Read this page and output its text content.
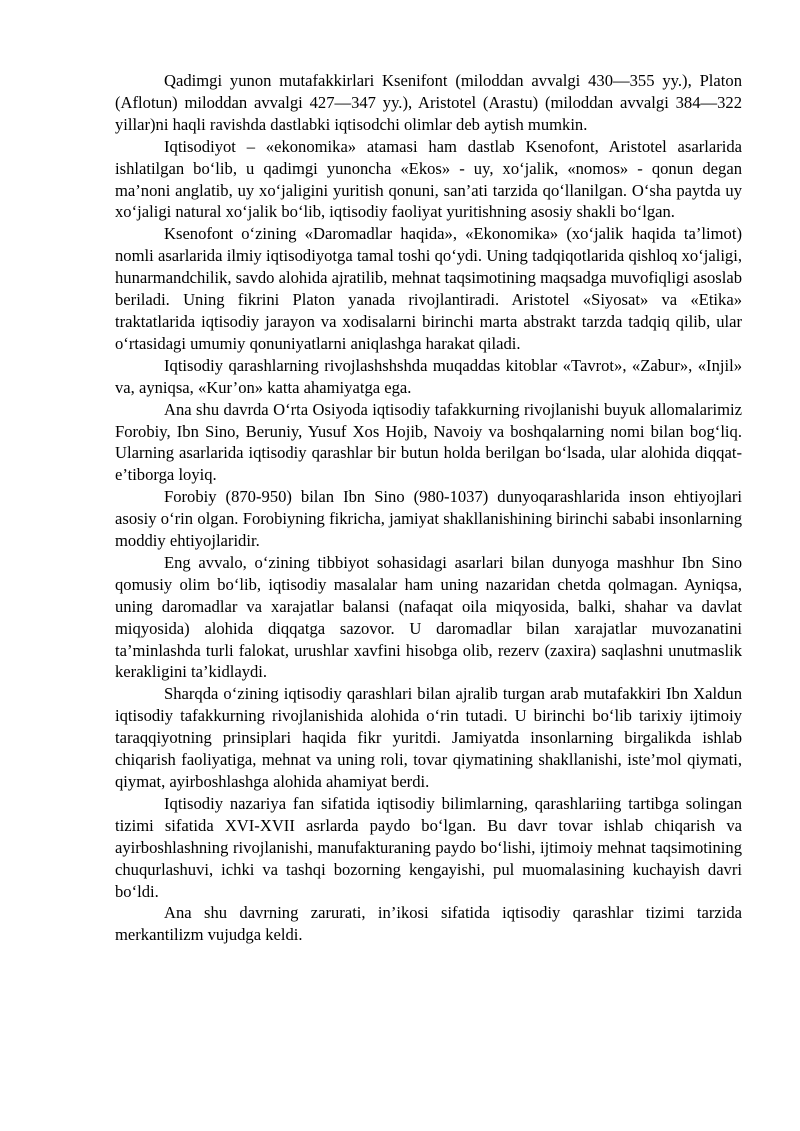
Qadimgi yunon mutafakkirlari Ksenifont (miloddan avvalgi 430—355 yy.), Platon (Aflotun) miloddan avvalgi 427—347 yy.), Aristotel (Arastu) (miloddan avvalgi 384—322 yillar)ni haqli ravishda dastlabki iqtisodchi olimlar deb aytish mumkin.

Iqtisodiyot – «ekonomika» atamasi ham dastlab Ksenofont, Aristotel asarlarida ishlatilgan bo‘lib, u qadimgi yunoncha «Ekos» - uy, xo‘jalik, «nomos» - qonun degan ma’noni anglatib, uy xo‘jaligini yuritish qonuni, san’ati tarzida qo‘llanilgan. O‘sha paytda uy xo‘jaligi natural xo‘jalik bo‘lib, iqtisodiy faoliyat yuritishning asosiy shakli bo‘lgan.

Ksenofont o‘zining «Daromadlar haqida», «Ekonomika» (xo‘jalik haqida ta’limot) nomli asarlarida ilmiy iqtisodiyotga tamal toshi qo‘ydi. Uning tadqiqotlarida qishloq xo‘jaligi, hunarmandchilik, savdo alohida ajratilib, mehnat taqsimotining maqsadga muvofiqligi asoslab beriladi. Uning fikrini Platon yanada rivojlantiradi. Aristotel «Siyosat» va «Etika» traktatlarida iqtisodiy jarayon va xodisalarni birinchi marta abstrakt tarzda tadqiq qilib, ular o‘rtasidagi umumiy qonuniyatlarni aniqlashga harakat qiladi.

Iqtisodiy qarashlarning rivojlashshshda muqaddas kitoblar «Tavrot», «Zabur», «Injil» va, ayniqsa, «Kur’on» katta ahamiyatga ega.

Ana shu davrda O‘rta Osiyoda iqtisodiy tafakkurning rivojlanishi buyuk allomalarimiz Forobiy, Ibn Sino, Beruniy, Yusuf Xos Hojib, Navoiy va boshqalarning nomi bilan bog‘liq. Ularning asarlarida iqtisodiy qarashlar bir butun holda berilgan bo‘lsada, ular alohida diqqat-e’tiborga loyiq.

Forobiy (870-950) bilan Ibn Sino (980-1037) dunyoqarashlarida inson ehtiyojlari asosiy o‘rin olgan. Forobiyning fikricha, jamiyat shakllanishining birinchi sababi insonlarning moddiy ehtiyojlaridir.

Eng avvalo, o‘zining tibbiyot sohasidagi asarlari bilan dunyoga mashhur Ibn Sino qomusiy olim bo‘lib, iqtisodiy masalalar ham uning nazaridan chetda qolmagan. Ayniqsa, uning daromadlar va xarajatlar balansi (nafaqat oila miqyosida, balki, shahar va davlat miqyosida) alohida diqqatga sazovor. U daromadlar bilan xarajatlar muvozanatini ta’minlashda turli falokat, urushlar xavfini hisobga olib, rezerv (zaxira) saqlashni unutmaslik kerakligini ta’kidlaydi.

Sharqda o‘zining iqtisodiy qarashlari bilan ajralib turgan arab mutafakkiri Ibn Xaldun iqtisodiy tafakkurning rivojlanishida alohida o‘rin tutadi. U birinchi bo‘lib tarixiy ijtimoiy taraqqiyotning prinsiplari haqida fikr yuritdi. Jamiyatda insonlarning birgalikda ishlab chiqarish faoliyatiga, mehnat va uning roli, tovar qiymatining shakllanishi, iste’mol qiymati, qiymat, ayirboshlashga alohida ahamiyat berdi.

Iqtisodiy nazariya fan sifatida iqtisodiy bilimlarning, qarashlariing tartibga solingan tizimi sifatida XVI-XVII asrlarda paydo bo‘lgan. Bu davr tovar ishlab chiqarish va ayirboshlashning rivojlanishi, manufakturaning paydo bo‘lishi, ijtimoiy mehnat taqsimotining chuqurlashuvi, ichki va tashqi bozorning kengayishi, pul muomalasining kuchayish davri bo‘ldi.

Ana shu davrning zarurati, in’ikosi sifatida iqtisodiy qarashlar tizimi tarzida merkantilizm vujudga keldi.
